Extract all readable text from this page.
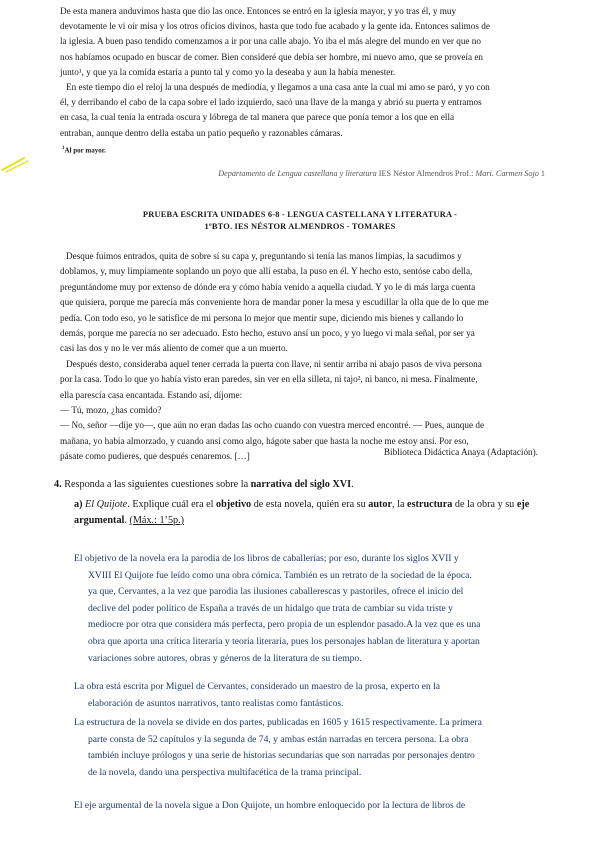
De esta manera anduvimos hasta que dio las once. Entonces se entró en la iglesia mayor, y yo tras él, y muy

devotamente le vi oír misa y los otros oficios divinos, hasta que todo fue acabado y la gente ida. Entonces salimos de

la iglesia. A buen paso tendido comenzamos a ir por una calle abajo. Yo iba el más alegre del mundo en ver que no

nos habíamos ocupado en buscar de comer. Bien consideré que debía ser hombre, mi nuevo amo, que se proveía en

junto¹, y que ya la comida estaría a punto tal y como yo la deseaba y aun la había menester.

En este tiempo dio el reloj la una después de mediodía, y llegamos a una casa ante la cual mi amo se paró, y yo con

él, y derribando el cabo de la capa sobre el lado izquierdo, sacó una llave de la manga y abrió su puerta y entramos

en casa, la cual tenía la entrada oscura y lóbrega de tal manera que parece que ponía temor a los que en ella

entraban, aunque dentro della estaba un patio pequeño y razonables cámaras.

$^1$Al por mayor.

Departamento de Lengua castellana y literatura IES Néstor Almendros Prof.: Mari. Carmen Sojo 1

PRUEBA ESCRITA UNIDADES 6-8 - LENGUA CASTELLANA Y LITERATURA -
1ºBTO. IES NÉSTOR ALMENDROS - TOMARES

Desque fuimos entrados, quita de sobre sí su capa y, preguntando si tenía las manos limpias, la sacudimos y

doblamos, y, muy limpiamente soplando un poyo que allí estaba, la puso en él. Y hecho esto, sentóse cabo della,

preguntándome muy por extenso de dónde era y cómo había venido a aquella ciudad. Y yo le di más larga cuenta

que quisiera, porque me parecía más conveniente hora de mandar poner la mesa y escudillar la olla que de lo que me

pedía. Con todo eso, yo le satisfice de mi persona lo mejor que mentir supe, diciendo mis bienes y callando lo

demás, porque me parecía no ser adecuado. Esto hecho, estuvo ansí un poco, y yo luego vi mala señal, por ser ya

casi las dos y no le ver más aliento de comer que a un muerto.

Después desto, consideraba aquel tener cerrada la puerta con llave, ni sentir arriba ni abajo pasos de viva persona

por la casa. Todo lo que yo había visto eran paredes, sin ver en ella silleta, ni tajo², ni banco, ni mesa. Finalmente,

ella parescía casa encantada. Estando así, díjome:

— Tú, mozo, ¿has comido?

— No, señor —dije yo—, que aún no eran dadas las ocho cuando con vuestra merced encontré. — Pues, aunque de

mañana, yo había almorzado, y cuando ansí como algo, hágote saber que hasta la noche me estoy ansí. Por eso,

pásate como pudieres, que después cenaremos. […]	Biblioteca Didáctica Anaya (Adaptación).

4. Responda a las siguientes cuestiones sobre la narrativa del siglo XVI.

a) El Quijote. Explique cuál era el objetivo de esta novela, quién era su autor, la estructura de la obra y su eje argumental. (Máx.: 1’5p.)

El objetivo de la novela era la parodia de los libros de caballerías; por eso, durante los siglos XVII y

XVIII El Quijote fue leído como una obra cómica. También es un retrato de la sociedad de la época.

ya que, Cervantes, a la vez que parodia las ilusiones caballerescas y pastoriles, ofrece el inicio del

declive del poder político de España a través de un hidalgo que trata de cambiar su vida triste y

mediocre por otra que considera más perfecta, pero propia de un esplendor pasado.A la vez que es una

obra que aporta una crítica literaria y teoría literaria, pues los personajes hablan de literatura y aportan

variaciones sobre autores, obras y géneros de la literatura de su tiempo.

La obra está escrita por Miguel de Cervantes, considerado un maestro de la prosa, experto en la

elaboración de asuntos narrativos, tanto realistas como fantásticos.

La estructura de la novela se divide en dos partes, publicadas en 1605 y 1615 respectivamente. La primera

parte consta de 52 capítulos y la segunda de 74, y ambas están narradas en tercera persona. La obra

también incluye prólogos y una serie de historias secundarias que son narradas por personajes dentro

de la novela, dando una perspectiva multifacética de la trama principal.

El eje argumental de la novela sigue a Don Quijote, un hombre enloquecido por la lectura de libros de
